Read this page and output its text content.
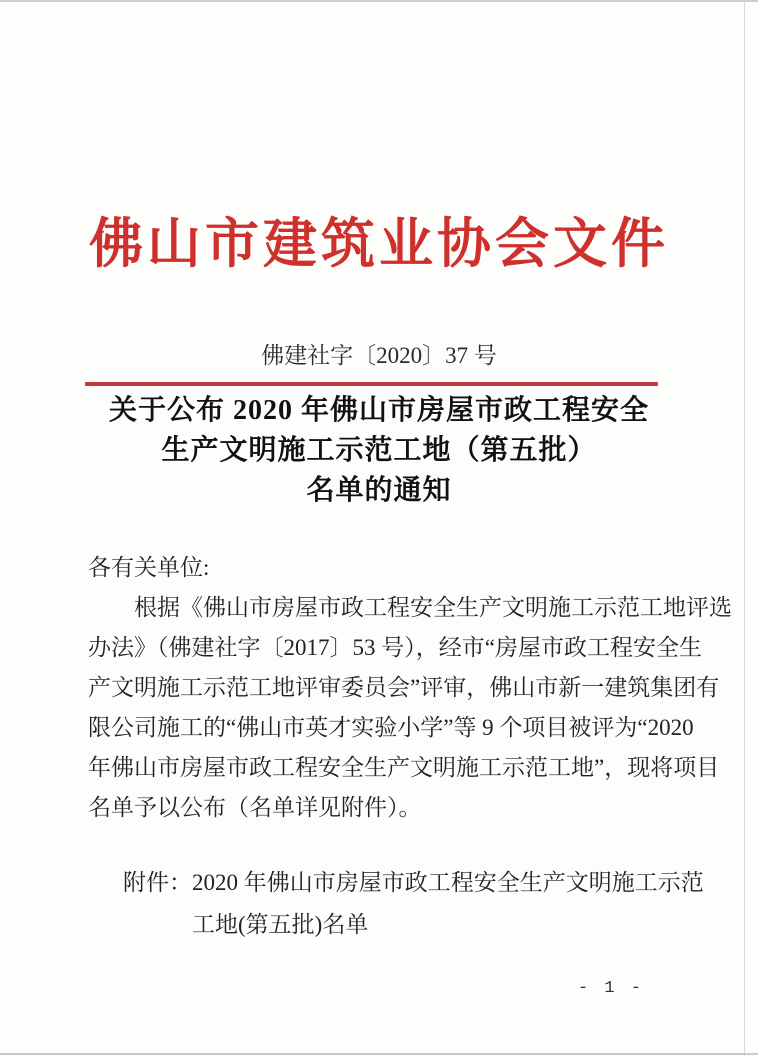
佛山市建筑业协会文件
佛建社字〔2020〕37 号
关于公布 2020 年佛山市房屋市政工程安全
生产文明施工示范工地（第五批）
名单的通知
各有关单位:
根据《佛山市房屋市政工程安全生产文明施工示范工地评选
办法》（佛建社字〔2017〕53 号），经市“房屋市政工程安全生
产文明施工示范工地评审委员会”评审，佛山市新一建筑集团有
限公司施工的“佛山市英才实验小学”等 9 个项目被评为“2020
年佛山市房屋市政工程安全生产文明施工示范工地”，现将项目
名单予以公布（名单详见附件）。
附件： 2020 年佛山市房屋市政工程安全生产文明施工示范
工地(第五批)名单
- 1 -
